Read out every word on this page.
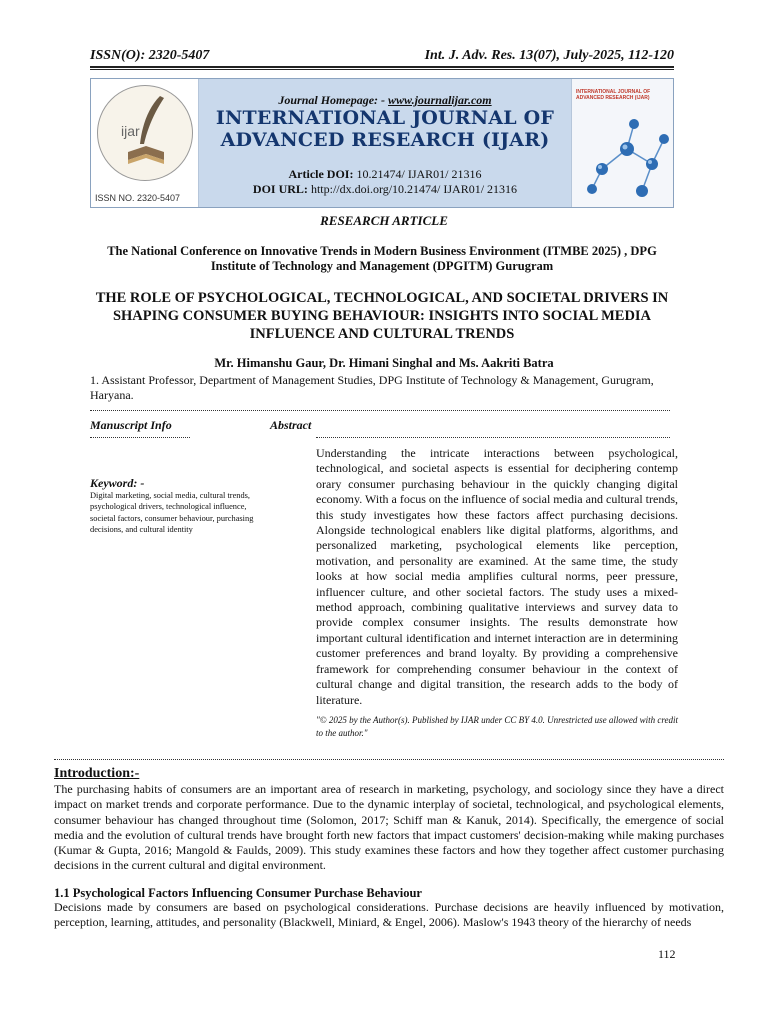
ISSN(O): 2320-5407	Int. J. Adv. Res. 13(07), July-2025, 112-120
ijar
ISSN NO. 2320-5407
Journal Homepage: - www.journalijar.com
INTERNATIONAL JOURNAL OF
ADVANCED RESEARCH (IJAR)
Article DOI: 10.21474/ IJAR01/ 21316
DOI URL: http://dx.doi.org/10.21474/ IJAR01/ 21316
INTERNATIONAL JOURNAL OF ADVANCED RESEARCH (IJAR)
RESEARCH ARTICLE
The National Conference on Innovative Trends in Modern Business Environment (ITMBE 2025) , DPG Institute of Technology and Management (DPGITM) Gurugram
THE ROLE OF PSYCHOLOGICAL, TECHNOLOGICAL, AND SOCIETAL DRIVERS IN SHAPING CONSUMER BUYING BEHAVIOUR: INSIGHTS INTO SOCIAL MEDIA INFLUENCE AND CULTURAL TRENDS
Mr. Himanshu Gaur, Dr. Himani Singhal and Ms. Aakriti Batra
1. Assistant Professor, Department of Management Studies, DPG Institute of Technology & Management, Gurugram, Haryana.
Manuscript Info	Abstract
Keyword: -
Digital marketing, social media, cultural trends, psychological drivers, technological influence, societal factors, consumer behaviour, purchasing decisions, and cultural identity
Understanding the intricate interactions between psychological, technological, and societal aspects is essential for deciphering contemp orary consumer purchasing behaviour in the quickly changing digital economy. With a focus on the influence of social media and cultural trends, this study investigates how these factors affect purchasing decisions. Alongside technological enablers like digital platforms, algorithms, and personalized marketing, psychological elements like perception, motivation, and personality are examined. At the same time, the study looks at how social media amplifies cultural norms, peer pressure, influencer culture, and other societal factors. The study uses a mixed-method approach, combining qualitative interviews and survey data to provide complex consumer insights. The results demonstrate how important cultural identification and internet interaction are in determining customer preferences and brand loyalty. By providing a comprehensive framework for comprehending consumer behaviour in the context of cultural change and digital transition, the research adds to the body of literature.
"© 2025 by the Author(s). Published by IJAR under CC BY 4.0. Unrestricted use allowed with credit to the author."
Introduction:-
The purchasing habits of consumers are an important area of research in marketing, psychology, and sociology since they have a direct impact on market trends and corporate performance. Due to the dynamic interplay of societal, technological, and psychological elements, consumer behaviour has changed throughout time (Solomon, 2017; Schiff man & Kanuk, 2014). Specifically, the emergence of social media and the evolution of cultural trends have brought forth new factors that impact customers' decision-making while making purchases (Kumar & Gupta, 2016; Mangold & Faulds, 2009). This study examines these factors and how they together affect customer purchasing decisions in the current cultural and digital environment.
1.1 Psychological Factors Influencing Consumer Purchase Behaviour
Decisions made by consumers are based on psychological considerations. Purchase decisions are heavily influenced by motivation, perception, learning, attitudes, and personality (Blackwell, Miniard, & Engel, 2006). Maslow's 1943 theory of the hierarchy of needs
112
